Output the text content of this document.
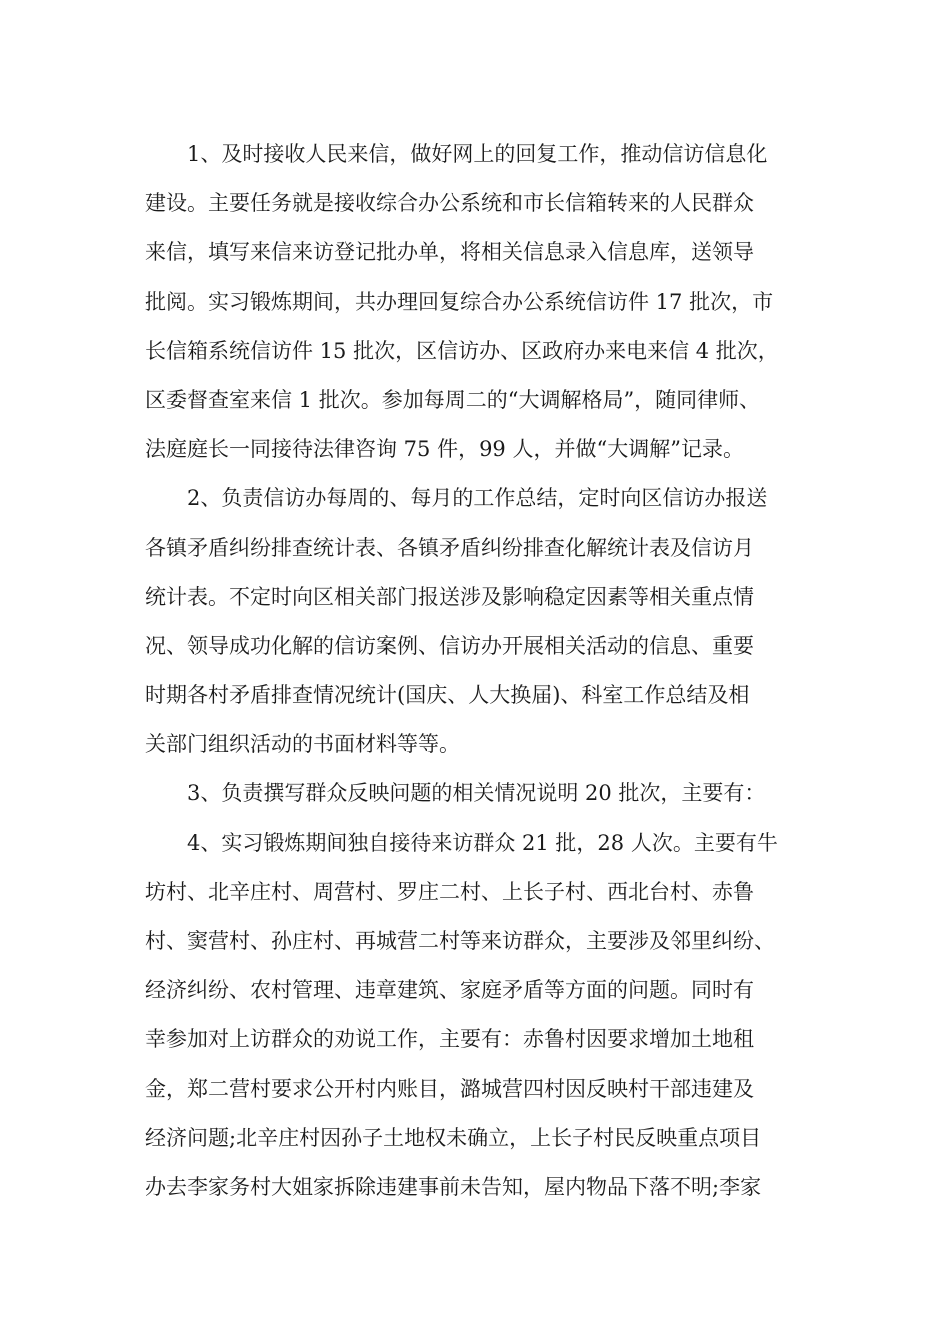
　　1、及时接收人民来信，做好网上的回复工作，推动信访信息化
建设。主要任务就是接收综合办公系统和市长信箱转来的人民群众
来信，填写来信来访登记批办单，将相关信息录入信息库，送领导
批阅。实习锻炼期间，共办理回复综合办公系统信访件 17 批次，市
长信箱系统信访件 15 批次，区信访办、区政府办来电来信 4 批次，
区委督查室来信 1 批次。参加每周二的“大调解格局”，随同律师、
法庭庭长一同接待法律咨询 75 件，99 人，并做“大调解”记录。
　　2、负责信访办每周的、每月的工作总结，定时向区信访办报送
各镇矛盾纠纷排查统计表、各镇矛盾纠纷排查化解统计表及信访月
统计表。不定时向区相关部门报送涉及影响稳定因素等相关重点情
况、领导成功化解的信访案例、信访办开展相关活动的信息、重要
时期各村矛盾排查情况统计(国庆、人大换届)、科室工作总结及相
关部门组织活动的书面材料等等。
　　3、负责撰写群众反映问题的相关情况说明 20 批次，主要有：
　　4、实习锻炼期间独自接待来访群众 21 批，28 人次。主要有牛
坊村、北辛庄村、周营村、罗庄二村、上长子村、西北台村、赤鲁
村、窦营村、孙庄村、再城营二村等来访群众，主要涉及邻里纠纷、
经济纠纷、农村管理、违章建筑、家庭矛盾等方面的问题。同时有
幸参加对上访群众的劝说工作，主要有：赤鲁村因要求增加土地租
金，郑二营村要求公开村内账目，潞城营四村因反映村干部违建及
经济问题;北辛庄村因孙子土地权未确立，上长子村民反映重点项目
办去李家务村大姐家拆除违建事前未告知，屋内物品下落不明;李家
